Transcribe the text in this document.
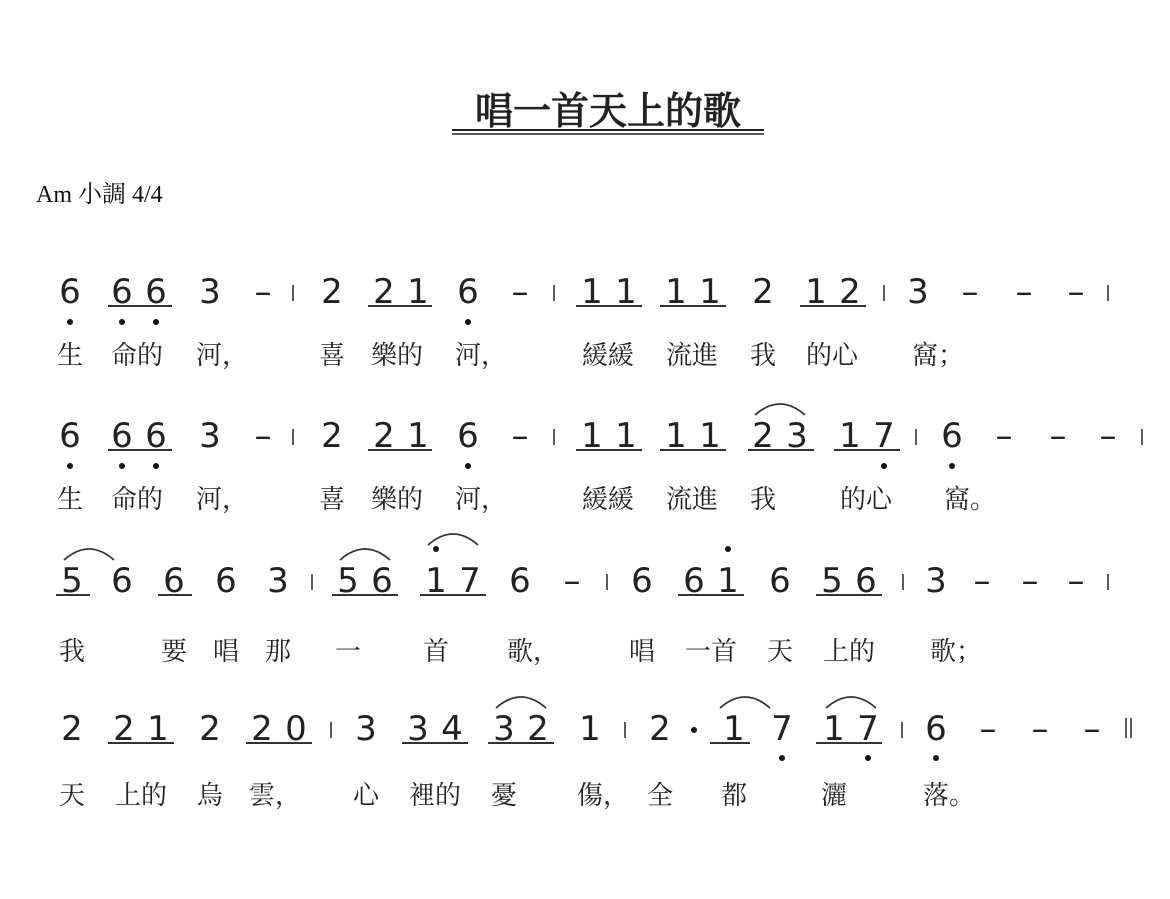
唱一首天上的歌
Am 小調 4/4
6 6 6 3 – 2 2 1 6 – 1 1 1 1 2 1 2 3 – – –
生 命的 河，	喜 樂的 河，	緩緩 流進 我 的心 窩；
6 6 6 3 – 2 2 1 6 – 1 1 1 1 2 3 1 7 6 – – –
生 命的 河，	喜 樂的 河，	緩緩 流進 我 的心 窩。
5 6 6 6 3 5 6 1 7 6 – 6 6 1 6 5 6 3 – – –
我	要 唱 那 一 首 歌，	唱 一首 天 上的 歌；
2 2 1 2 2 0 3 3 4 3 2 1 2 1 7 1 7 6 – – –
天 上的 烏 雲， 心 裡的 憂 傷， 全 都	灑	落。
